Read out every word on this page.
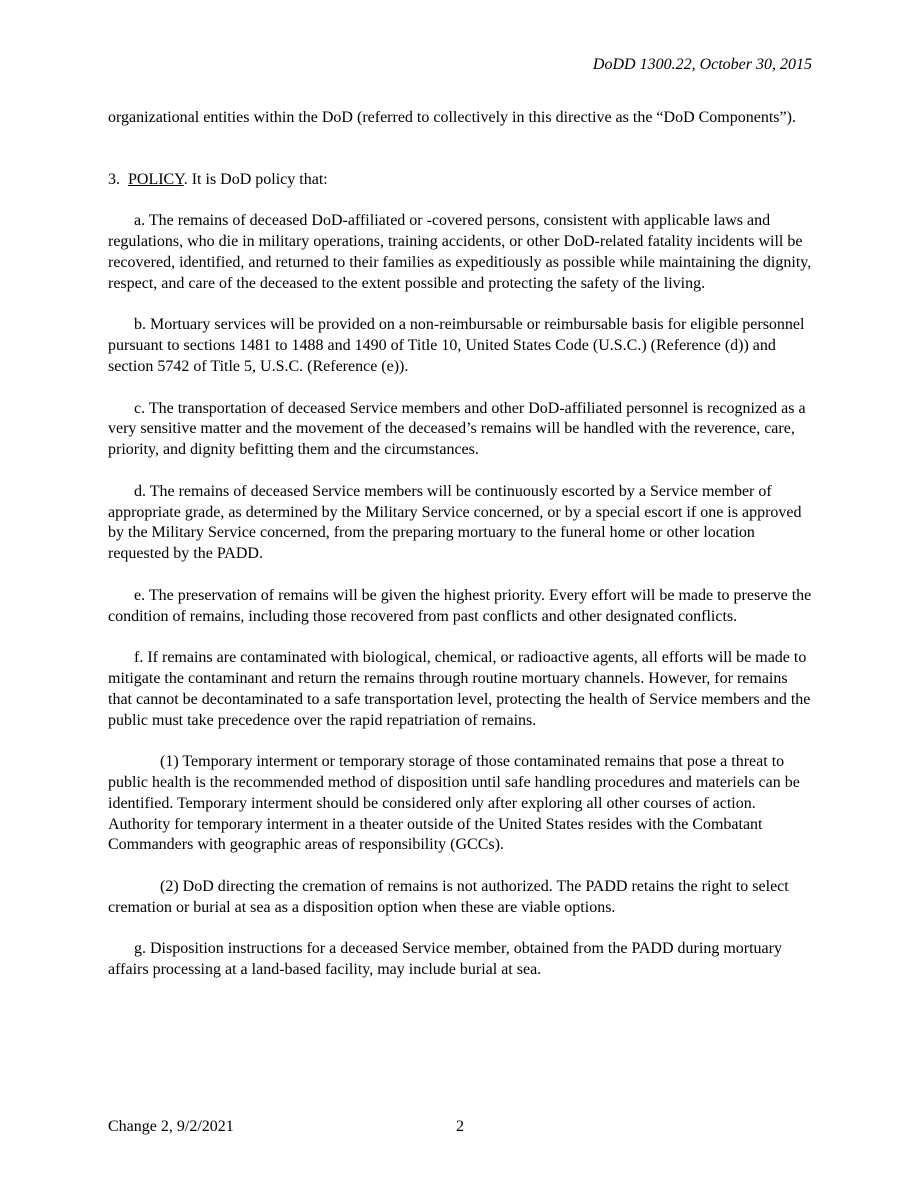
DoDD 1300.22, October 30, 2015

organizational entities within the DoD (referred to collectively in this directive as the “DoD Components”).

3. POLICY. It is DoD policy that:

a. The remains of deceased DoD-affiliated or -covered persons, consistent with applicable laws and regulations, who die in military operations, training accidents, or other DoD-related fatality incidents will be recovered, identified, and returned to their families as expeditiously as possible while maintaining the dignity, respect, and care of the deceased to the extent possible and protecting the safety of the living.

b. Mortuary services will be provided on a non-reimbursable or reimbursable basis for eligible personnel pursuant to sections 1481 to 1488 and 1490 of Title 10, United States Code (U.S.C.) (Reference (d)) and section 5742 of Title 5, U.S.C. (Reference (e)).

c. The transportation of deceased Service members and other DoD-affiliated personnel is recognized as a very sensitive matter and the movement of the deceased’s remains will be handled with the reverence, care, priority, and dignity befitting them and the circumstances.

d. The remains of deceased Service members will be continuously escorted by a Service member of appropriate grade, as determined by the Military Service concerned, or by a special escort if one is approved by the Military Service concerned, from the preparing mortuary to the funeral home or other location requested by the PADD.

e. The preservation of remains will be given the highest priority. Every effort will be made to preserve the condition of remains, including those recovered from past conflicts and other designated conflicts.

f. If remains are contaminated with biological, chemical, or radioactive agents, all efforts will be made to mitigate the contaminant and return the remains through routine mortuary channels. However, for remains that cannot be decontaminated to a safe transportation level, protecting the health of Service members and the public must take precedence over the rapid repatriation of remains.

(1) Temporary interment or temporary storage of those contaminated remains that pose a threat to public health is the recommended method of disposition until safe handling procedures and materiels can be identified. Temporary interment should be considered only after exploring all other courses of action. Authority for temporary interment in a theater outside of the United States resides with the Combatant Commanders with geographic areas of responsibility (GCCs).

(2) DoD directing the cremation of remains is not authorized. The PADD retains the right to select cremation or burial at sea as a disposition option when these are viable options.

g. Disposition instructions for a deceased Service member, obtained from the PADD during mortuary affairs processing at a land-based facility, may include burial at sea.

Change 2, 9/2/2021	2
